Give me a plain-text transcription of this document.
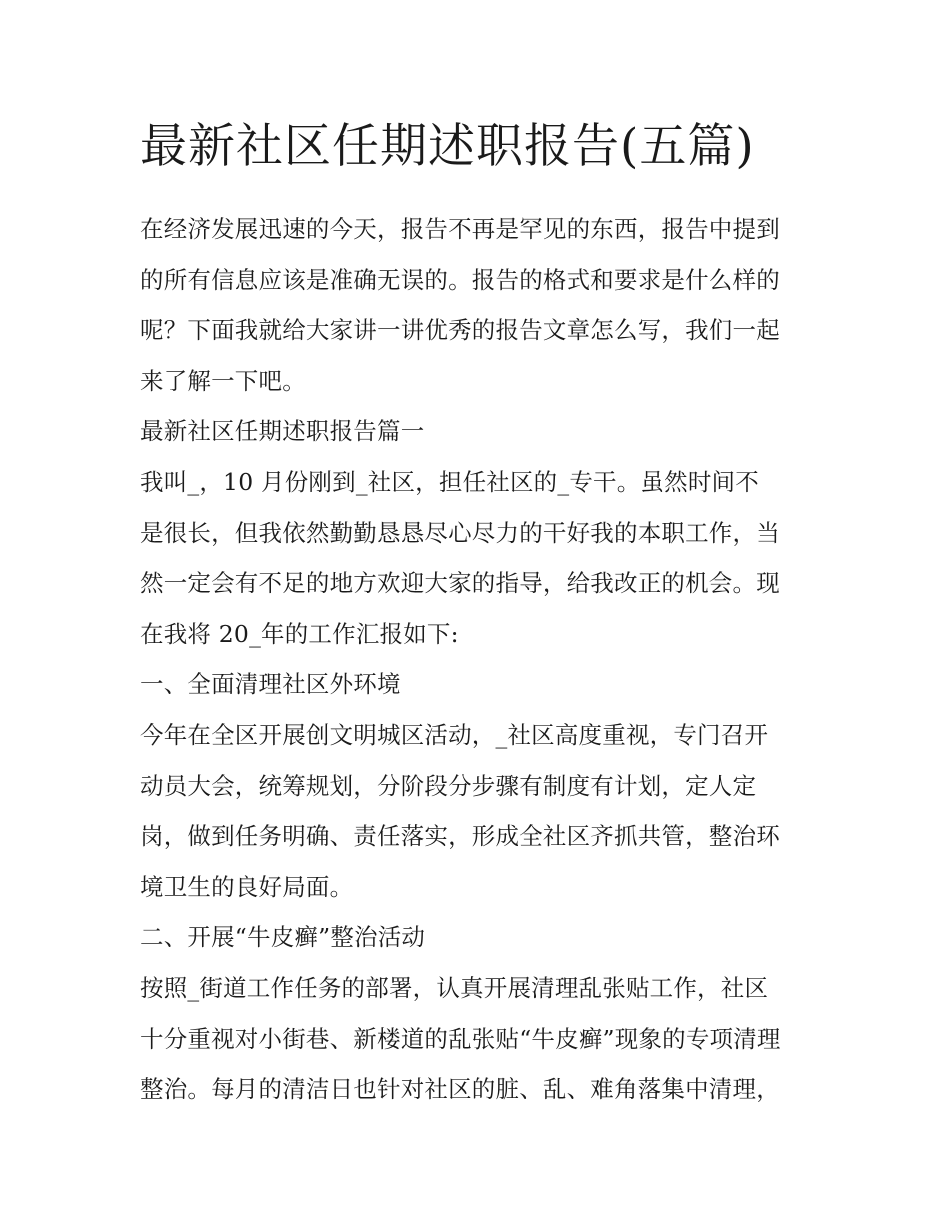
最新社区任期述职报告(五篇)

在经济发展迅速的今天，报告不再是罕见的东西，报告中提到

的所有信息应该是准确无误的。报告的格式和要求是什么样的

呢？下面我就给大家讲一讲优秀的报告文章怎么写，我们一起

来了解一下吧。

最新社区任期述职报告篇一

我叫_，10 月份刚到_社区，担任社区的_专干。虽然时间不

是很长，但我依然勤勤恳恳尽心尽力的干好我的本职工作，当

然一定会有不足的地方欢迎大家的指导，给我改正的机会。现

在我将 20_年的工作汇报如下:

一、全面清理社区外环境

今年在全区开展创文明城区活动，_社区高度重视，专门召开

动员大会，统筹规划，分阶段分步骤有制度有计划，定人定

岗，做到任务明确、责任落实，形成全社区齐抓共管，整治环

境卫生的良好局面。

二、开展“牛皮癣”整治活动

按照_街道工作任务的部署，认真开展清理乱张贴工作，社区

十分重视对小街巷、新楼道的乱张贴“牛皮癣”现象的专项清理

整治。每月的清洁日也针对社区的脏、乱、难角落集中清理，
